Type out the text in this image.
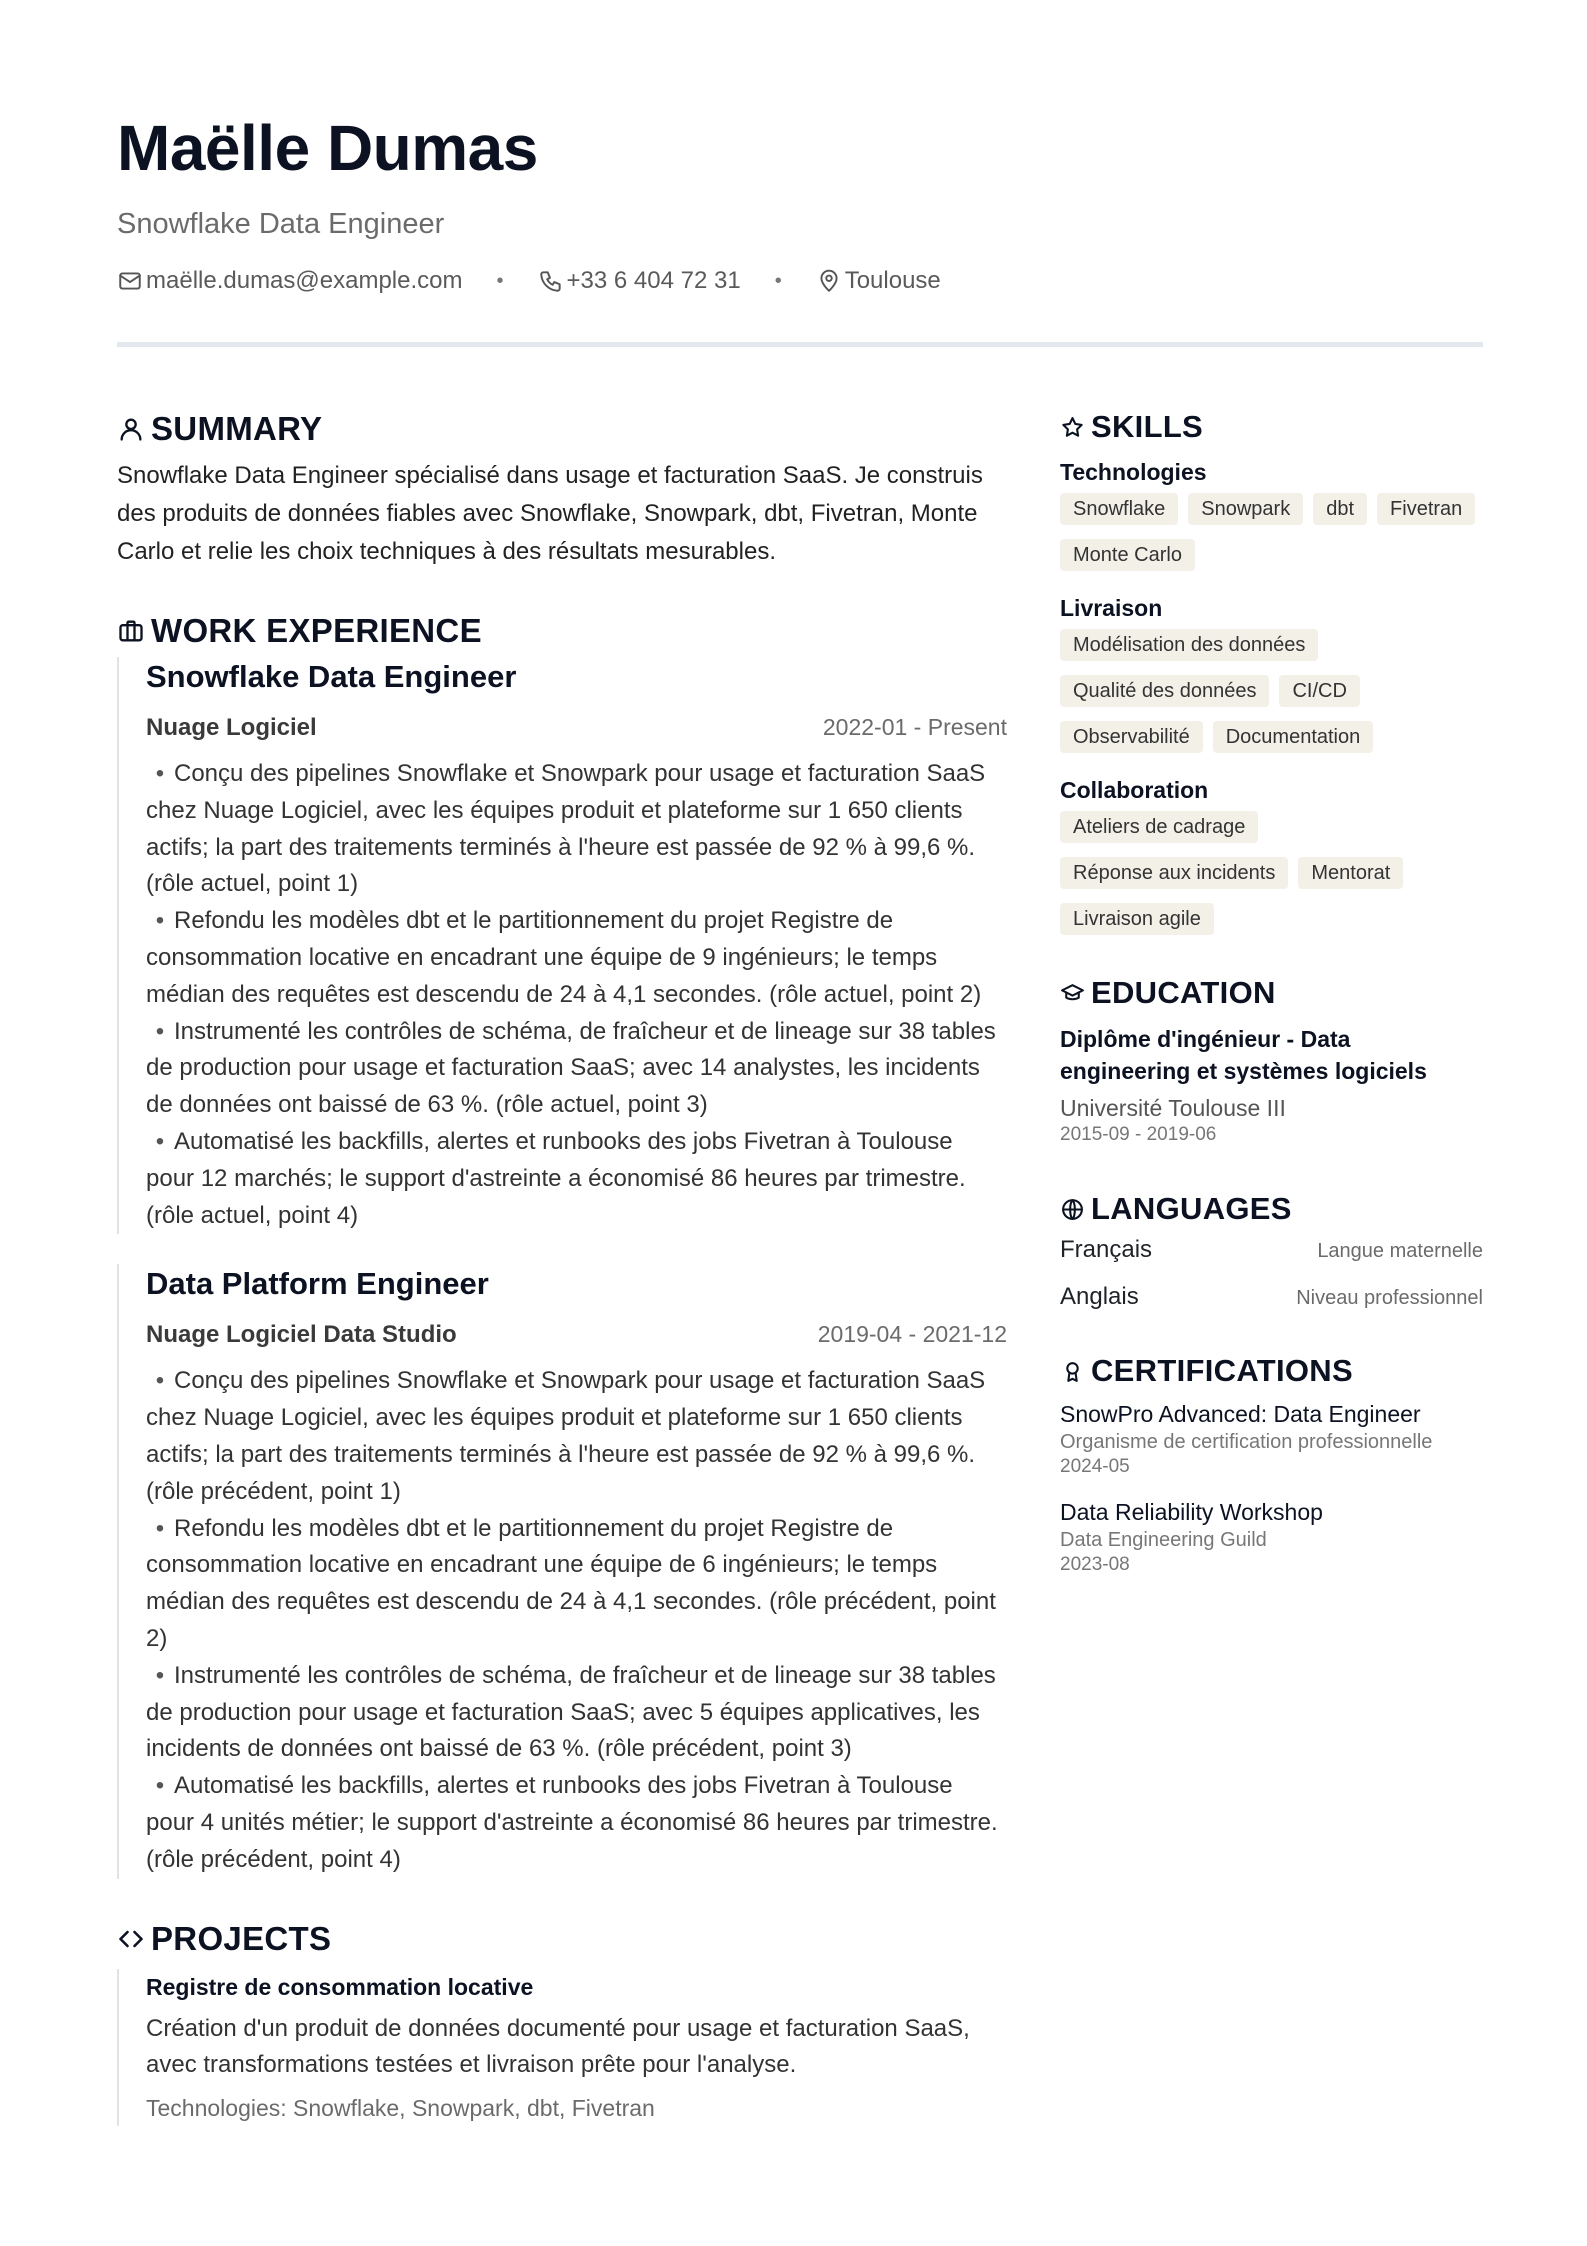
Maëlle Dumas
Snowflake Data Engineer
maëlle.dumas@example.com •	+33 6 404 72 31 •	Toulouse
SUMMARY
Snowflake Data Engineer spécialisé dans usage et facturation SaaS. Je construis des produits de données fiables avec Snowflake, Snowpark, dbt, Fivetran, Monte Carlo et relie les choix techniques à des résultats mesurables.
WORK EXPERIENCE
Snowflake Data Engineer
Nuage Logiciel	2022-01 - Present
• Conçu des pipelines Snowflake et Snowpark pour usage et facturation SaaS chez Nuage Logiciel, avec les équipes produit et plateforme sur 1 650 clients actifs; la part des traitements terminés à l'heure est passée de 92 % à 99,6 %. (rôle actuel, point 1)
• Refondu les modèles dbt et le partitionnement du projet Registre de consommation locative en encadrant une équipe de 9 ingénieurs; le temps médian des requêtes est descendu de 24 à 4,1 secondes. (rôle actuel, point 2)
• Instrumenté les contrôles de schéma, de fraîcheur et de lineage sur 38 tables de production pour usage et facturation SaaS; avec 14 analystes, les incidents de données ont baissé de 63 %. (rôle actuel, point 3)
• Automatisé les backfills, alertes et runbooks des jobs Fivetran à Toulouse pour 12 marchés; le support d'astreinte a économisé 86 heures par trimestre. (rôle actuel, point 4)
Data Platform Engineer
Nuage Logiciel Data Studio	2019-04 - 2021-12
• Conçu des pipelines Snowflake et Snowpark pour usage et facturation SaaS chez Nuage Logiciel, avec les équipes produit et plateforme sur 1 650 clients actifs; la part des traitements terminés à l'heure est passée de 92 % à 99,6 %. (rôle précédent, point 1)
• Refondu les modèles dbt et le partitionnement du projet Registre de consommation locative en encadrant une équipe de 6 ingénieurs; le temps médian des requêtes est descendu de 24 à 4,1 secondes. (rôle précédent, point 2)
• Instrumenté les contrôles de schéma, de fraîcheur et de lineage sur 38 tables de production pour usage et facturation SaaS; avec 5 équipes applicatives, les incidents de données ont baissé de 63 %. (rôle précédent, point 3)
• Automatisé les backfills, alertes et runbooks des jobs Fivetran à Toulouse pour 4 unités métier; le support d'astreinte a économisé 86 heures par trimestre. (rôle précédent, point 4)
PROJECTS
Registre de consommation locative
Création d'un produit de données documenté pour usage et facturation SaaS, avec transformations testées et livraison prête pour l'analyse.
Technologies: Snowflake, Snowpark, dbt, Fivetran
SKILLS
Technologies
Snowflake	Snowpark	dbt	Fivetran
Monte Carlo
Livraison
Modélisation des données
Qualité des données	CI/CD
Observabilité	Documentation
Collaboration
Ateliers de cadrage
Réponse aux incidents	Mentorat
Livraison agile
EDUCATION
Diplôme d'ingénieur - Data engineering et systèmes logiciels
Université Toulouse III
2015-09 - 2019-06
LANGUAGES
Français	Langue maternelle
Anglais	Niveau professionnel
CERTIFICATIONS
SnowPro Advanced: Data Engineer
Organisme de certification professionnelle
2024-05
Data Reliability Workshop
Data Engineering Guild
2023-08
